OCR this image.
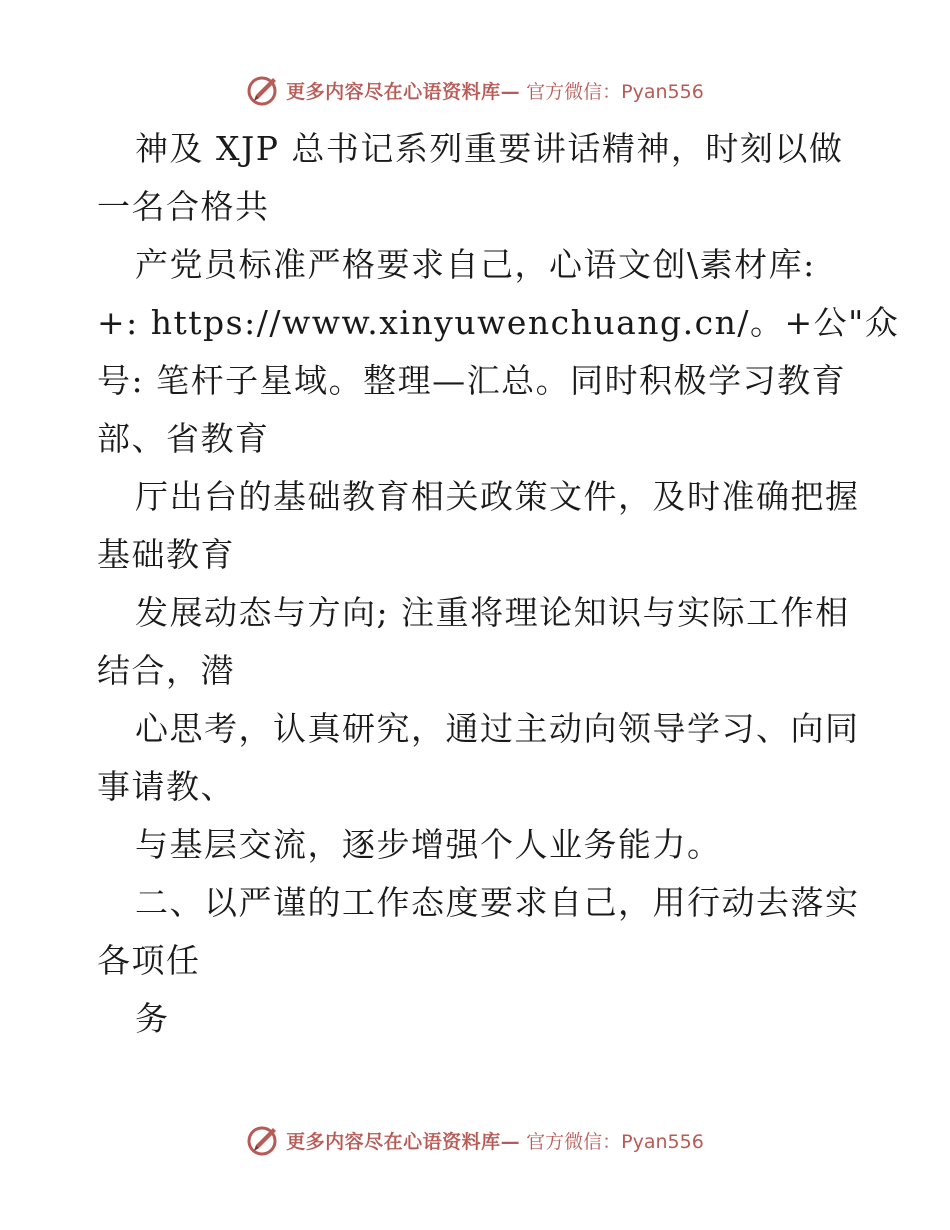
更多内容尽在心语资料库— 官方微信：Pyan556
神及 XJP 总书记系列重要讲话精神，时刻以做
一名合格共
产党员标准严格要求自己，心语文创\素材库:
+: https://www.xinyuwenchuang.cn/。+公"众
号: 笔杆子星域。整理—汇总。同时积极学习教育
部、省教育
厅出台的基础教育相关政策文件，及时准确把握
基础教育
发展动态与方向; 注重将理论知识与实际工作相
结合，潜
心思考，认真研究，通过主动向领导学习、向同
事请教、
与基层交流，逐步增强个人业务能力。
二、以严谨的工作态度要求自己，用行动去落实
各项任
务
更多内容尽在心语资料库— 官方微信：Pyan556
